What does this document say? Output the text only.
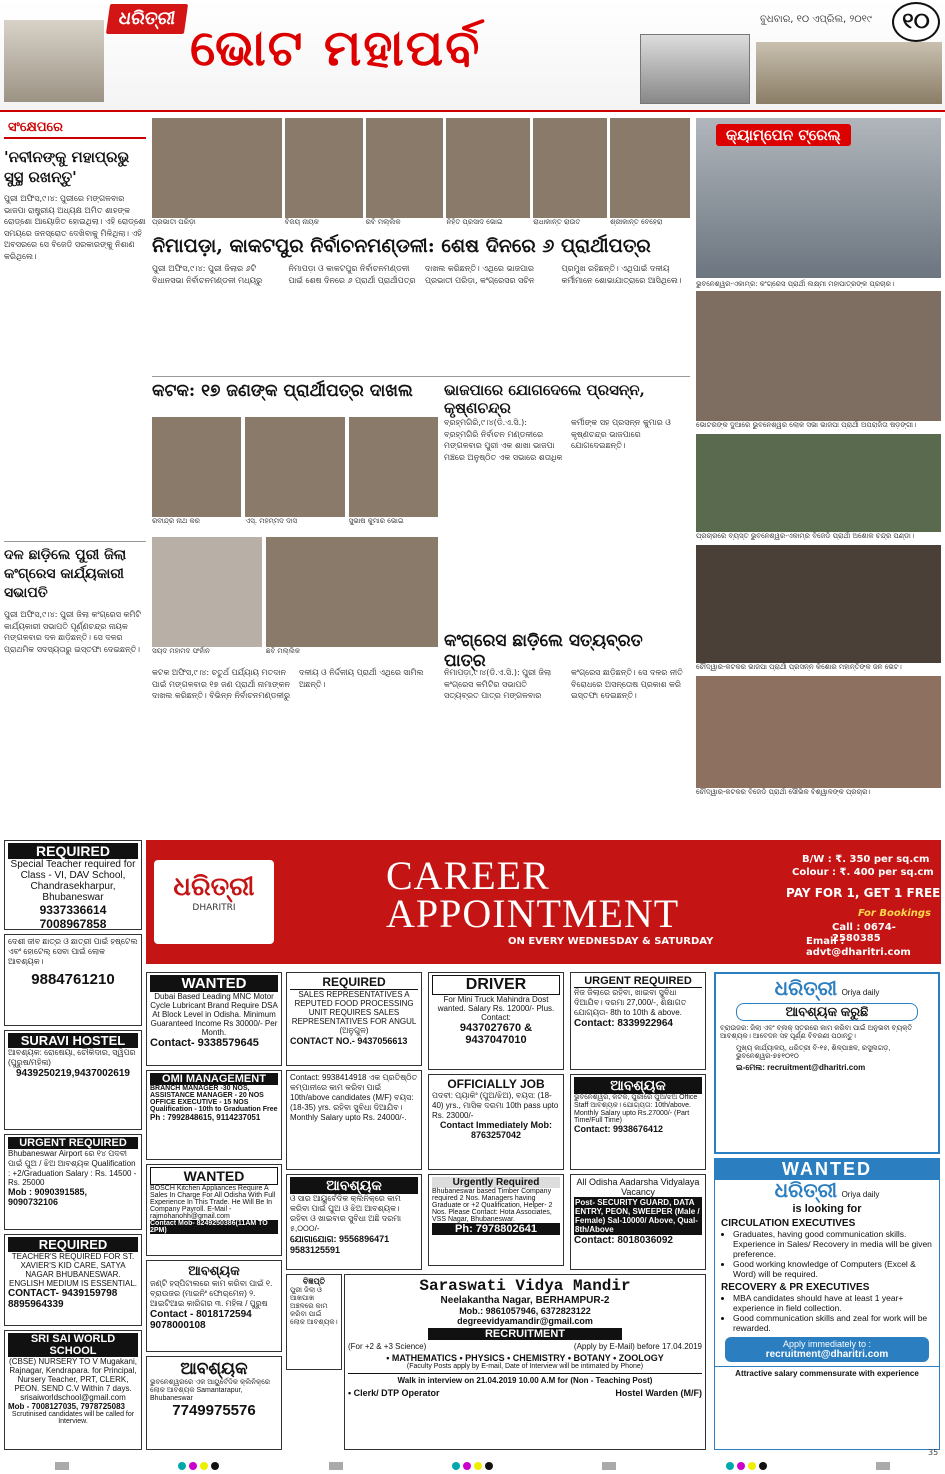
ଧରିତ୍ରୀ ଭୋଟ ମହାପର୍ବ	ବୁଧବାର, ୧୦ ଏପ୍ରିଲ, ୨୦୧୯	୧୦
ସଂକ୍ଷେପରେ
'ନବୀନଙ୍କୁ ମହାପ୍ରଭୁ ସୁସ୍ଥ ରଖନ୍ତୁ'
ପୁରୀ ଅଫିସ,୯।୪: ପୁରୀରେ ମଙ୍ଗଳବାର ଭାଜପା ରାଷ୍ଟ୍ରୀୟ ଅଧ୍ୟକ୍ଷ ଅମିତ ଶାହଙ୍କ ରୋଡ୍‌ଶୋ ଆୟୋଜିତ ହୋଇଥିଲା। ଏହି ରୋଡ୍‌ଶୋ ସମୟରେ ଜନସ୍ରୋତ ଦେଖିବାକୁ ମିଳିଥିଲା। ଏହି ଅବସରରେ ସେ ବିଜେଡି ସରକାରଙ୍କୁ ନିଶାଣ କରିଥିଲେ।
ଦଳ ଛାଡ଼ିଲେ ପୁରୀ ଜିଲା କଂଗ୍ରେସ କାର୍ଯ୍ୟକାରୀ ସଭାପତି
ପୁରୀ ଅଫିସ,୯।୪: ପୁରୀ ଜିଲା କଂଗ୍ରେସ କମିଟି କାର୍ଯ୍ୟକାରୀ ସଭାପତି ପୂର୍ଣ୍ଣଚନ୍ଦ୍ର ନାୟକ ମଙ୍ଗଳବାର ଦଳ ଛାଡ଼ିଛନ୍ତି। ସେ ଦଳର ପ୍ରାଥମିକ ସଦସ୍ୟତାରୁ ଇସ୍ତଫା ଦେଇଛନ୍ତି।
ପ୍ରଭାତୀ ପରିଡ଼ା	ବିଜୟ ନାୟକ	ରବି ମଲ୍ଲିକ	ନିହିତ ପ୍ରସାଦ ଭୋଇ	ରାଧାକାନ୍ତ ରାଉତ	ଶ୍ରୀକାନ୍ତ ବେହେରା
ନିମାପଡ଼ା, କାକଟପୁର ନିର୍ବାଚନମଣ୍ଡଳୀ: ଶେଷ ଦିନରେ ୬ ପ୍ରାର୍ଥୀପତ୍ର
ପୁରୀ ଅଫିସ,୯।୪: ପୁରୀ ଜିଲାର ୬ଟି ବିଧାନସଭା ନିର୍ବାଚନମଣ୍ଡଳୀ ମଧ୍ୟରୁ ନିମାପଡ଼ା ଓ କାକଟପୁର ନିର୍ବାଚନମଣ୍ଡଳୀ ପାଇଁ ଶେଷ ଦିନରେ ୬ ପ୍ରାର୍ଥୀ ପ୍ରାର୍ଥୀପତ୍ର ଦାଖଲ କରିଛନ୍ତି। ଏଥିରେ ଭାଜପାର ପ୍ରଭାତୀ ପରିଡ଼ା, କଂଗ୍ରେସର ସଚିନ ପ୍ରମୁଖ ରହିଛନ୍ତି। ଏଥିପାଇଁ ଦଳୀୟ କର୍ମୀମାନେ ଶୋଭାଯାତ୍ରାରେ ଆସିଥିଲେ।
କଟକ: ୧୭ ଜଣଙ୍କ ପ୍ରାର୍ଥୀପତ୍ର ଦାଖଲ	ଭାଜପାରେ ଯୋଗଦେଲେ ପ୍ରସନ୍ନ, କୃଷ୍ଣଚନ୍ଦ୍ର
ରବୀନ୍ଦ୍ର ନାଥ କର	ଏସ୍. ମହମ୍ମଦ ଦାସ	ସୁଭାଷ କୁମାର ଭୋଇ
ସୟଦ ମହାମଦ ଫର୍ହାନ	ଛବି ମଲ୍ଲିକ
ବ୍ରହ୍ମଗିରି,୯।୪(ଡି.ଏ.ସି.): ବ୍ରହ୍ମଗିରି ନିର୍ବାଚନ ମଣ୍ଡଳୀରେ ମଙ୍ଗଳବାର ପୁରୀ ଏକ ଶାଖା ଭାଜପା ମଞ୍ଚରେ ଅନୁଷ୍ଠିତ ଏକ ସଭାରେ ଶତାଧିକ କର୍ମୀଙ୍କ ସହ ପ୍ରସନ୍ନ କୁମାର ଓ କୃଷ୍ଣଚନ୍ଦ୍ର ଭାଜପାରେ ଯୋଗଦେଇଛନ୍ତି।
କଂଗ୍ରେସ ଛାଡ଼ିଲେ ସତ୍ୟବ୍ରତ ପାତ୍ର
କଟକ ଅଫିସ,୯।୪: ଚତୁର୍ଥ ପର୍ଯ୍ୟାୟ ମତଦାନ ପାଇଁ ମଙ୍ଗଳବାର ୧୭ ଜଣ ପ୍ରାର୍ଥୀ ନାମାଙ୍କନ ଦାଖଲ କରିଛନ୍ତି। ବିଭିନ୍ନ ନିର୍ବାଚନମଣ୍ଡଳୀରୁ ଦଳୀୟ ଓ ନିର୍ଦ୍ଦଳୀୟ ପ୍ରାର୍ଥୀ ଏଥିରେ ସାମିଲ ଅଛନ୍ତି।
ନିମାପଡ଼ା,୯।୪(ଡି.ଏ.ସି.): ପୁରୀ ଜିଲା କଂଗ୍ରେସ କମିଟିର ସଭାପତି ସତ୍ୟବ୍ରତ ପାତ୍ର ମଙ୍ଗଳବାର କଂଗ୍ରେସ ଛାଡ଼ିଛନ୍ତି। ସେ ଦଳର ନୀତି ବିରୋଧରେ ଅସନ୍ତୋଷ ପ୍ରକାଶ କରି ଇସ୍ତଫା ଦେଇଛନ୍ତି।
କ୍ୟାମ୍ପେନ ଟ୍ରେଲ୍
ଭୁବନେଶ୍ୱର-ଏକାମ୍ର: କଂଗ୍ରେସ ପ୍ରାର୍ଥୀ ଲକ୍ଷ୍ମୀ ମହାପାତ୍ରଙ୍କ ପ୍ରଚାର।
ଭୋଟରଙ୍କ ଦୁଆରେ ଭୁବନେଶ୍ୱର ଲୋକ ସଭା ଭାଜପା ପ୍ରାର୍ଥୀ ଅପରାଜିତା ଷଡ଼ଙ୍ଗୀ।
ପ୍ରଚାରରେ ବ୍ୟସ୍ତ ଭୁବନେଶ୍ୱର-ଏକାମ୍ର ବିଜେଡି ପ୍ରାର୍ଥୀ ଅଶୋକ ଚନ୍ଦ୍ର ପଣ୍ଡା।
ଚୌଦ୍ୱାର-କଟକର ଭାଜପା ପ୍ରାର୍ଥୀ ପ୍ରସନ୍ନ କିଶୋର ମହାନ୍ତିଙ୍କ ଜନ ଭେଟ।
ଚୌଦ୍ୱାର-କଟକର ବିଜେଡି ପ୍ରାର୍ଥୀ ସୌଭିକ ବିଶ୍ୱାଳଙ୍କ ପ୍ରଚାର।
REQUIRED
Special Teacher required for Class - VI, DAV School, Chandrasekharpur, Bhubaneswar
9337336614 7008967858
ଦେଶୀ ଜୀବ ଛାତ୍ର ଓ ଛାତ୍ରୀ ପାଇଁ ହଷ୍ଟେଲ ଏବଂ ହୋଟେଲ୍ ସେବା ପାଇଁ ଲୋକ ଆବଶ୍ୟକ।
9884761210
SURAVI HOSTEL
ଆବଶ୍ୟକ: ରୋଷେୟା, ଚୌକିଦାର, ସ୍ୱିପର (ପୁରୁଷ/ମହିଳା)
9439250219,9437002619
URGENT REQUIRED
Bhubaneswar Airport ରେ ୧୪ ପଦବୀ ପାଇଁ ପୁଅ / ଝିଅ ଆବଶ୍ୟକ Qualification : +2/Graduation Salary : Rs. 14500 - Rs. 25000
Mob : 9090391585, 9090732106
REQUIRED
TEACHER'S REQUIRED FOR ST. XAVIER'S KID CARE, SATYA NAGAR BHUBANESWAR. ENGLISH MEDIUM IS ESSENTIAL.
CONTACT- 9439159798 8895964339
SRI SAI WORLD SCHOOL
(CBSE) NURSERY TO V Mugakani, Rajnagar, Kendrapara. for Principal, Nursery Teacher, PRT, CLERK, PEON. SEND C.V Within 7 days. srisaiworldschool@gmail.com
Mob - 7008127035, 7978725083
Scrutinised candidates will be called for Interview.
ଧରିତ୍ରୀ
DHARITRI
CAREER
APPOINTMENT
ON EVERY WEDNESDAY & SATURDAY
B/W : ₹. 350 per sq.cm
Colour : ₹. 400 per sq.cm
PAY FOR 1, GET 1 FREE
For Bookings
Call : 0674-2580385
Email : advt@dharitri.com
WANTED
Dubai Based Leading MNC Motor Cycle Lubricant Brand Require DSA At Block Level in Odisha. Minimum Guaranteed Income Rs 30000/- Per Month.
Contact- 9338579645
OMI MANAGEMENT
BRANCH MANAGER -30 NOS, ASSISTANCE MANAGER - 20 NOS OFFICE EXECUTIVE - 15 NOS Qualification - 10th to Graduation Free
Ph : 7992848615, 9114237051
WANTED
BOSCH Kitchen Appliances Require A Sales In Charge For All Odisha With Full Experience In This Trade. He Will Be In Company Payroll. E-Mail - rajmohanohh@gmail.com
Contact Mob- 8249250386(11AM TO 2PM)
ଆବଶ୍ୟକ
ଜଣ୍ଟି ହସ୍ପିଟାଲରେ କାମ କରିବା ପାଇଁ ୧. ବ୍ରାଉଜର (ମାଇନିଂ ଫୋର୍‌ମେନ) ୨. ଆଇଟିଆଇ କାରିଗର ୩. ମହିଳା / ପୁରୁଷ
Contact - 8018172594 9078000108
ଆବଶ୍ୟକ
ଭୁବନେଶ୍ୱରରେ ଏକ ଆୟୁର୍ବେଦିକ କ୍ଲିନିକ୍‌ରେ ଲୋକ ଆବଶ୍ୟକ Samantarapur, Bhubaneswar
7749975576
REQUIRED
SALES REPRESENTATIVES A REPUTED FOOD PROCESSING UNIT REQUIRES SALES REPRESENTATIVES FOR ANGUL (ଅନୁଗୁଳ)
CONTACT NO.- 9437056613
Contact: 9938414918 ଏକ ପ୍ରତିଷ୍ଠିତ କମ୍ପାନୀରେ କାମ କରିବା ପାଇଁ 10th/above candidates (M/F) ବୟସ: (18-35) yrs. ରହିବା ସୁବିଧା ଦିଆଯିବ। Monthly Salary upto Rs. 24000/-.
ଆବଶ୍ୟକ
ଓ ସାର ଆୟୁର୍ବେଦିକ କ୍ଲିନିକ୍‌ରେ କାମ କରିବା ପାଇଁ ପୁଅ ଓ ଝିଅ ଆବଶ୍ୟକ। ରହିବା ଓ ଖାଇବାର ସୁବିଧା ଅଛି ଦରମା ୫,୦୦୦/-
ଯୋଗାଯୋଗ: 9556896471 9583125591
ବିଜ୍ଞପ୍ତି
ପୁରୀ ଜିଲା ଓ ଆଖପାଖ ଅଞ୍ଚଳରେ କାମ କରିବା ପାଇଁ ଲୋକ ଆବଶ୍ୟକ।
DRIVER
For Mini Truck Mahindra Dost wanted. Salary Rs. 12000/- Plus. Contact:
9437027670 & 9437047010
OFFICIALLY JOB
ପଦବୀ: ପ୍ୟାକିଂ (ପୁଅ/ଝିଅ), ବୟସ: (18-40) yrs., ମାସିକ ଦରମା 10th pass upto Rs. 23000/-
Contact Immediately Mob: 8763257042
Urgently Required
Bhubaneswar based Timber Company required 2 Nos. Managers having Graduate or +2 Qualification, Helper- 2 Nos. Please Contact: Hota Associates, VSS Nagar, Bhubaneswar.
Ph: 7978802641
URGENT REQUIRED
ନିଜ ଜିଲାରେ ରହିବା, ଖାଇବା ସୁବିଧା ଦିଆଯିବ। ଦରମା 27,000/-, ଶିକ୍ଷାଗତ ଯୋଗ୍ୟତା- 8th to 10th & above.
Contact: 8339922964
ଆବଶ୍ୟକ
ଭୁବନେଶ୍ୱର, କଟକ, ପୁରୀରେ ପୁଅ/ଝିଅ Office Staff ଆବଶ୍ୟକ। ଯୋଗ୍ୟତା: 10th/above. Monthly Salary upto Rs.27000/- (Part Time/Full Time)
Contact: 9938676412
All Odisha Aadarsha Vidyalaya Vacancy
Post- SECURITY GUARD, DATA ENTRY, PEON, SWEEPER (Male / Female) Sal-10000/ Above, Qual-8th/Above
Contact: 8018036092
Saraswati Vidya Mandir
Neelakantha Nagar, BERHAMPUR-2
Mob.: 9861057946, 6372823122
degreevidyamandir@gmail.com
RECRUITMENT
(For +2 & +3 Science)	(Apply by E-Mail) before 17.04.2019
• MATHEMATICS • PHYSICS • CHEMISTRY • BOTANY • ZOOLOGY
(Faculty Posts apply by E-mail, Date of Interview will be intimated by Phone)
Walk in interview on 21.04.2019 10.00 A.M for (Non - Teaching Post)
• Clerk/ DTP Operator	Hostel Warden (M/F)
ଧରିତ୍ରୀ Oriya daily
ଆବଶ୍ୟକ କରୁଛି
ବ୍ରାଉଜର: ଜିଲା ଏବଂ ବ୍ଲକ୍ ସ୍ତରରେ କାମ କରିବା ପାଇଁ ଅନୁଭବୀ ବ୍ୟକ୍ତି ଆବଶ୍ୟକ। ଆବେଦନ ସହ ପୂର୍ଣ୍ଣ ବିବରଣୀ ପଠାନ୍ତୁ।
ମୁଖ୍ୟ କାର୍ଯ୍ୟାଳୟ, ଧରିତ୍ରୀ ବି-୧୫, ଶିଳ୍ପାଞ୍ଚଳ, ରସୁଲଗଡ଼, ଭୁବନେଶ୍ୱର-୭୫୧୦୧୦
ଇ-ମେଲ: recruitment@dharitri.com
WANTED
ଧରିତ୍ରୀ Oriya daily
is looking for
CIRCULATION EXECUTIVES
• Graduates, having good communication skills. Experience in Sales/ Recovery in media will be given preference.
• Good working knowledge of Computers (Excel & Word) will be required.
RECOVERY & PR EXECUTIVES
• MBA candidates should have at least 1 year+ experience in field collection.
• Good communication skills and zeal for work will be rewarded.
Apply immediately to :
recruitment@dharitri.com
Attractive salary commensurate with experience
35
